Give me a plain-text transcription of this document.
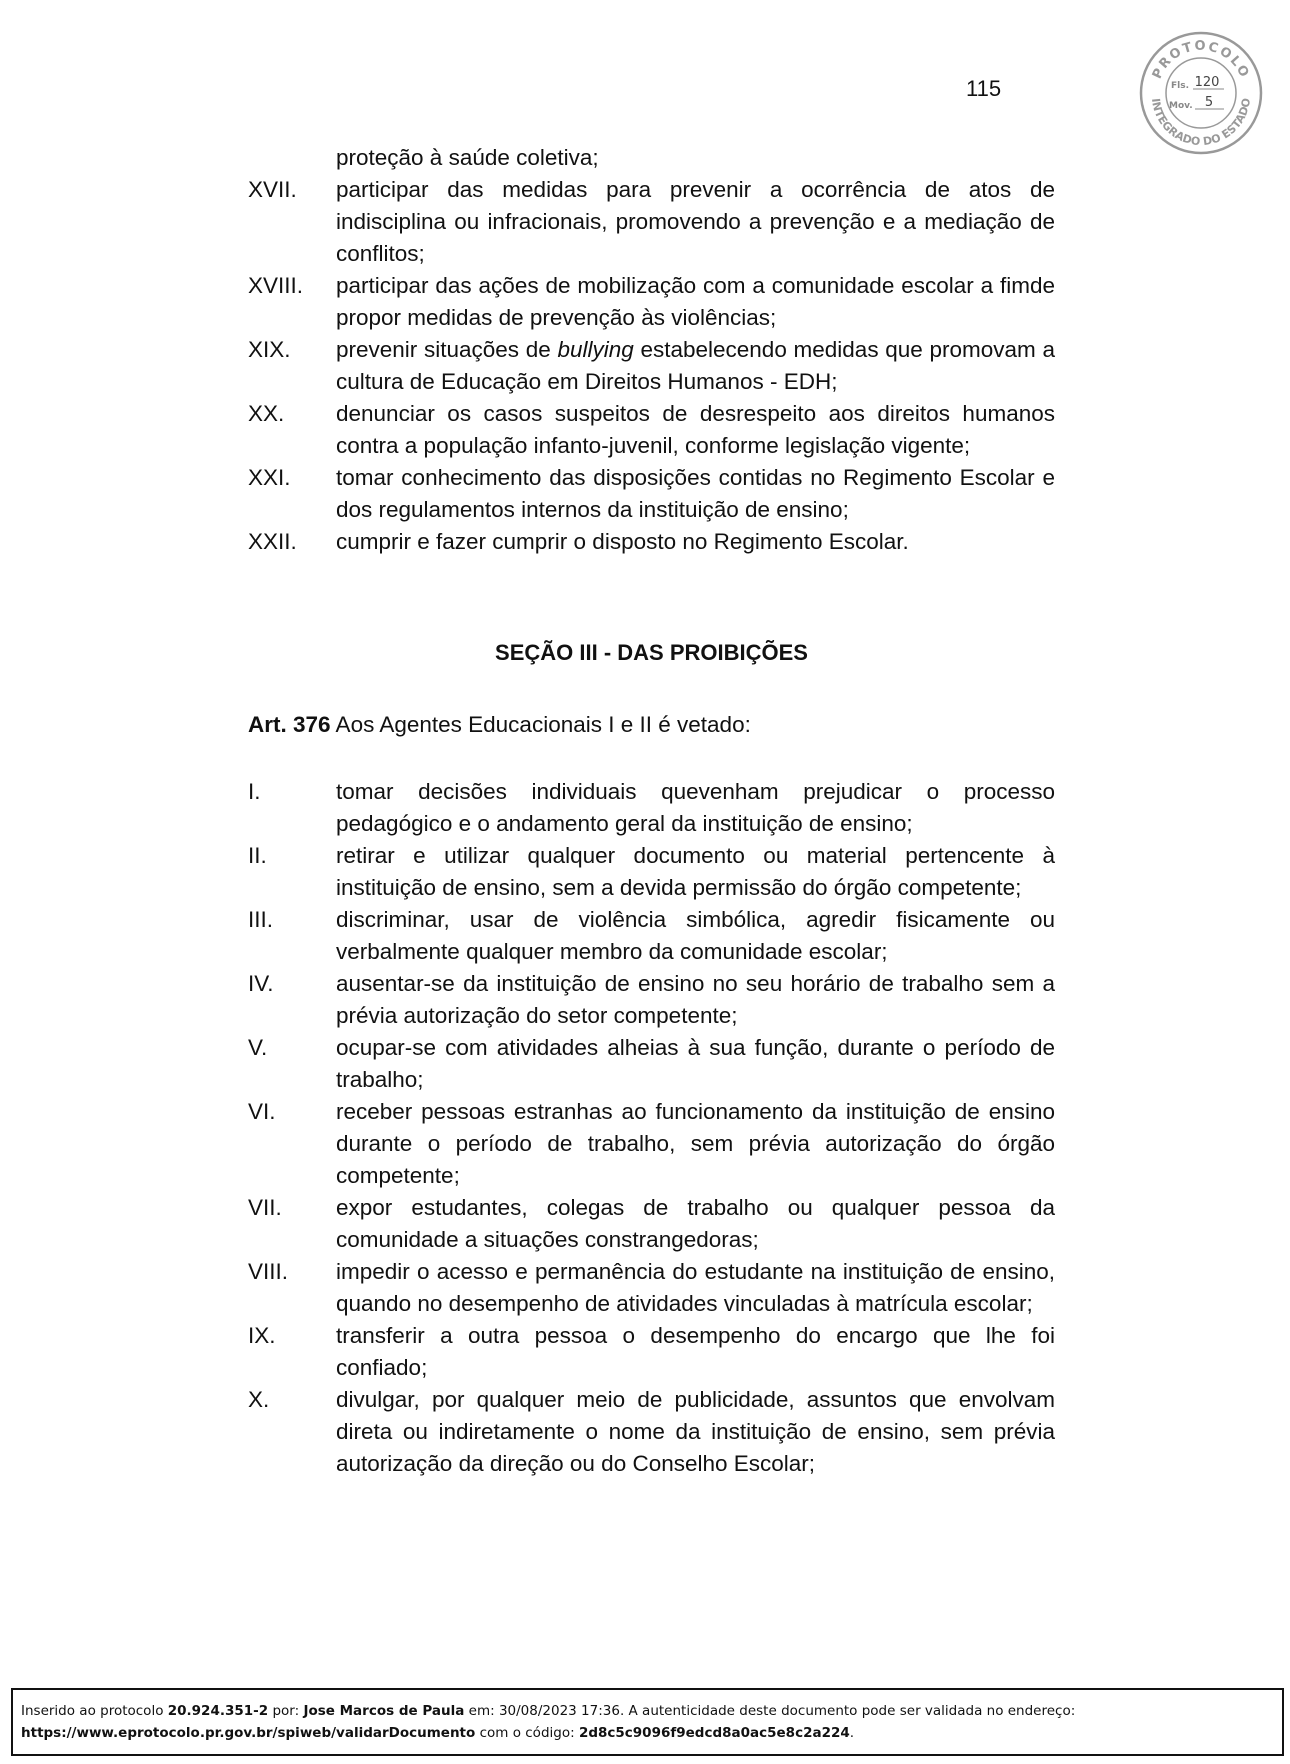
115
PROTOCOLO
INTEGRADO DO ESTADO
Fls. 120
Mov. 5
proteção à saúde coletiva;
XVII. participar das medidas para prevenir a ocorrência de atos de indisciplina ou infracionais, promovendo a prevenção e a mediação de conflitos;
XVIII. participar das ações de mobilização com a comunidade escolar a fimde propor medidas de prevenção às violências;
XIX. prevenir situações de bullying estabelecendo medidas que promovam a cultura de Educação em Direitos Humanos - EDH;
XX. denunciar os casos suspeitos de desrespeito aos direitos humanos contra a população infanto-juvenil, conforme legislação vigente;
XXI. tomar conhecimento das disposições contidas no Regimento Escolar e dos regulamentos internos da instituição de ensino;
XXII. cumprir e fazer cumprir o disposto no Regimento Escolar.
SEÇÃO III - DAS PROIBIÇÕES
Art. 376 Aos Agentes Educacionais I e II é vetado:
I.	tomar decisões individuais quevenham prejudicar o processo pedagógico e o andamento geral da instituição de ensino;
II.	retirar e utilizar qualquer documento ou material pertencente à instituição de ensino, sem a devida permissão do órgão competente;
III.	discriminar, usar de violência simbólica, agredir fisicamente ou verbalmente qualquer membro da comunidade escolar;
IV.	ausentar-se da instituição de ensino no seu horário de trabalho sem a prévia autorização do setor competente;
V.	ocupar-se com atividades alheias à sua função, durante o período de trabalho;
VI.	receber pessoas estranhas ao funcionamento da instituição de ensino durante o período de trabalho, sem prévia autorização do órgão competente;
VII. expor estudantes, colegas de trabalho ou qualquer pessoa da comunidade a situações constrangedoras;
VIII. impedir o acesso e permanência do estudante na instituição de ensino, quando no desempenho de atividades vinculadas à matrícula escolar;
IX.	transferir a outra pessoa o desempenho do encargo que lhe foi confiado;
X.	divulgar, por qualquer meio de publicidade, assuntos que envolvam direta ou indiretamente o nome da instituição de ensino, sem prévia autorização da direção ou do Conselho Escolar;
Inserido ao protocolo 20.924.351-2 por: Jose Marcos de Paula em: 30/08/2023 17:36. A autenticidade deste documento pode ser validada no endereço:
https://www.eprotocolo.pr.gov.br/spiweb/validarDocumento com o código: 2d8c5c9096f9edcd8a0ac5e8c2a224.
